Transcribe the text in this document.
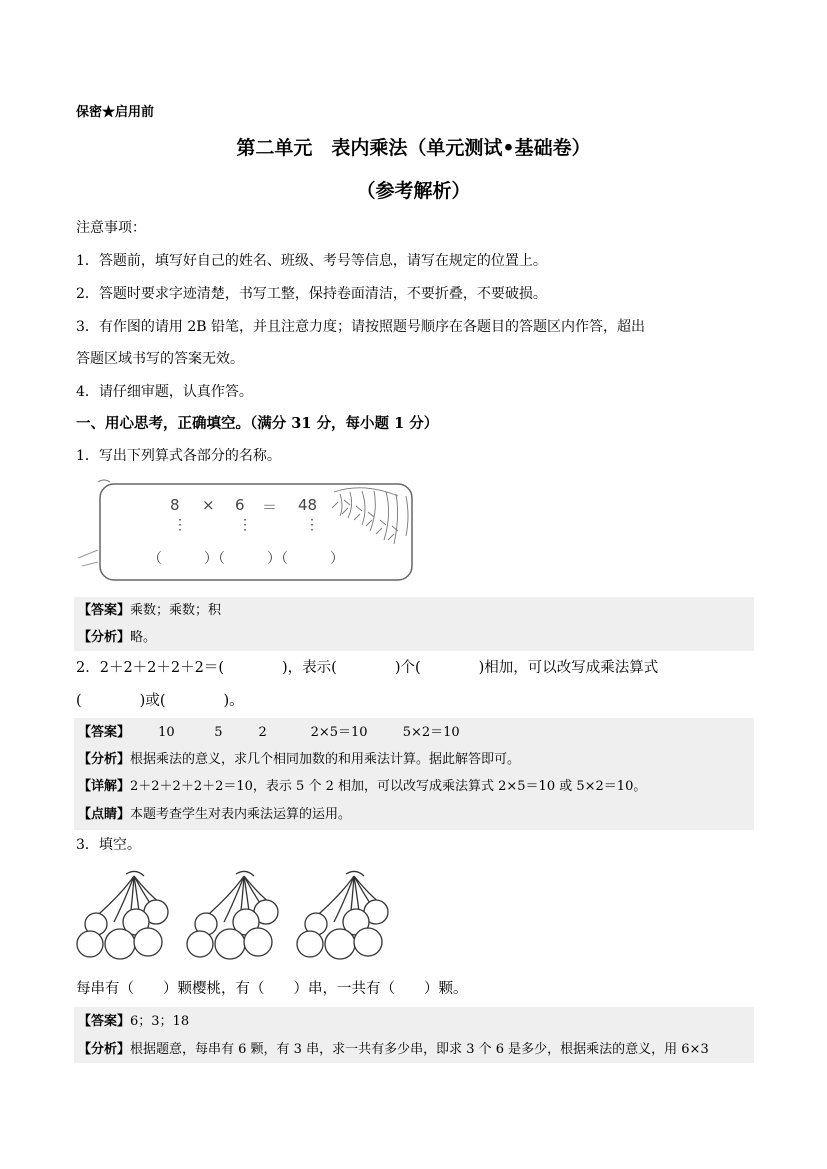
保密★启用前
第二单元　表内乘法（单元测试•基础卷）
（参考解析）
注意事项：
1．答题前，填写好自己的姓名、班级、考号等信息，请写在规定的位置上。
2．答题时要求字迹清楚，书写工整，保持卷面清洁，不要折叠，不要破损。
3．有作图的请用 2B 铅笔，并且注意力度；请按照题号顺序在各题目的答题区内作答，超出
答题区域书写的答案无效。
4．请仔细审题，认真作答。
一、用心思考，正确填空。（满分 31 分，每小题 1 分）
1．写出下列算式各部分的名称。
8 × 6 ＝ 48
⋮	⋮	⋮
（　　　）（　　　）（　　　）
【答案】乘数；乘数；积
【分析】略。
2．2＋2＋2＋2＋2＝(　　　　)，表示(　　　　)个(　　　　)相加，可以改写成乘法算式
(　　　　)或(　　　　)。
【答案】 10	5	2	2×5＝10	5×2＝10
【分析】根据乘法的意义，求几个相同加数的和用乘法计算。据此解答即可。
【详解】2＋2＋2＋2＋2＝10，表示 5 个 2 相加，可以改写成乘法算式 2×5＝10 或 5×2＝10。
【点睛】本题考查学生对表内乘法运算的运用。
3．填空。
每串有（　　）颗樱桃，有（　　）串，一共有（　　）颗。
【答案】6；3；18
【分析】根据题意，每串有 6 颗，有 3 串，求一共有多少串，即求 3 个 6 是多少，根据乘法的意义，用 6×3
